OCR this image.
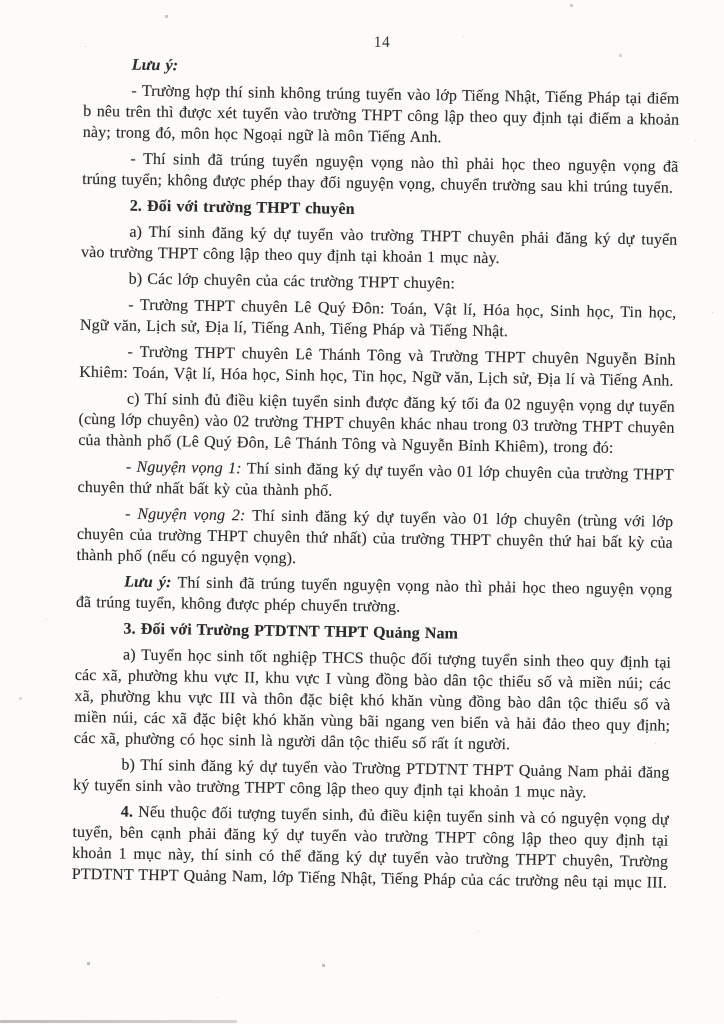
14

Lưu ý:

- Trường hợp thí sinh không trúng tuyển vào lớp Tiếng Nhật, Tiếng Pháp tại điểm b nêu trên thì được xét tuyển vào trường THPT công lập theo quy định tại điểm a khoản này; trong đó, môn học Ngoại ngữ là môn Tiếng Anh.

- Thí sinh đã trúng tuyển nguyện vọng nào thì phải học theo nguyện vọng đã trúng tuyển; không được phép thay đổi nguyện vọng, chuyển trường sau khi trúng tuyển.

2. Đối với trường THPT chuyên

a) Thí sinh đăng ký dự tuyển vào trường THPT chuyên phải đăng ký dự tuyển vào trường THPT công lập theo quy định tại khoản 1 mục này.

b) Các lớp chuyên của các trường THPT chuyên:

- Trường THPT chuyên Lê Quý Đôn: Toán, Vật lí, Hóa học, Sinh học, Tin học, Ngữ văn, Lịch sử, Địa lí, Tiếng Anh, Tiếng Pháp và Tiếng Nhật.

- Trường THPT chuyên Lê Thánh Tông và Trường THPT chuyên Nguyễn Bỉnh Khiêm: Toán, Vật lí, Hóa học, Sinh học, Tin học, Ngữ văn, Lịch sử, Địa lí và Tiếng Anh.

c) Thí sinh đủ điều kiện tuyển sinh được đăng ký tối đa 02 nguyện vọng dự tuyển (cùng lớp chuyên) vào 02 trường THPT chuyên khác nhau trong 03 trường THPT chuyên của thành phố (Lê Quý Đôn, Lê Thánh Tông và Nguyễn Bỉnh Khiêm), trong đó:

- Nguyện vọng 1: Thí sinh đăng ký dự tuyển vào 01 lớp chuyên của trường THPT chuyên thứ nhất bất kỳ của thành phố.

- Nguyện vọng 2: Thí sinh đăng ký dự tuyển vào 01 lớp chuyên (trùng với lớp chuyên của trường THPT chuyên thứ nhất) của trường THPT chuyên thứ hai bất kỳ của thành phố (nếu có nguyện vọng).

Lưu ý: Thí sinh đã trúng tuyển nguyện vọng nào thì phải học theo nguyện vọng đã trúng tuyển, không được phép chuyển trường.

3. Đối với Trường PTDTNT THPT Quảng Nam

a) Tuyển học sinh tốt nghiệp THCS thuộc đối tượng tuyển sinh theo quy định tại các xã, phường khu vực II, khu vực I vùng đồng bào dân tộc thiểu số và miền núi; các xã, phường khu vực III và thôn đặc biệt khó khăn vùng đồng bào dân tộc thiểu số và miền núi, các xã đặc biệt khó khăn vùng bãi ngang ven biển và hải đảo theo quy định; các xã, phường có học sinh là người dân tộc thiểu số rất ít người.

b) Thí sinh đăng ký dự tuyển vào Trường PTDTNT THPT Quảng Nam phải đăng ký tuyển sinh vào trường THPT công lập theo quy định tại khoản 1 mục này.

4. Nếu thuộc đối tượng tuyển sinh, đủ điều kiện tuyển sinh và có nguyện vọng dự tuyển, bên cạnh phải đăng ký dự tuyển vào trường THPT công lập theo quy định tại khoản 1 mục này, thí sinh có thể đăng ký dự tuyển vào trường THPT chuyên, Trường PTDTNT THPT Quảng Nam, lớp Tiếng Nhật, Tiếng Pháp của các trường nêu tại mục III.
